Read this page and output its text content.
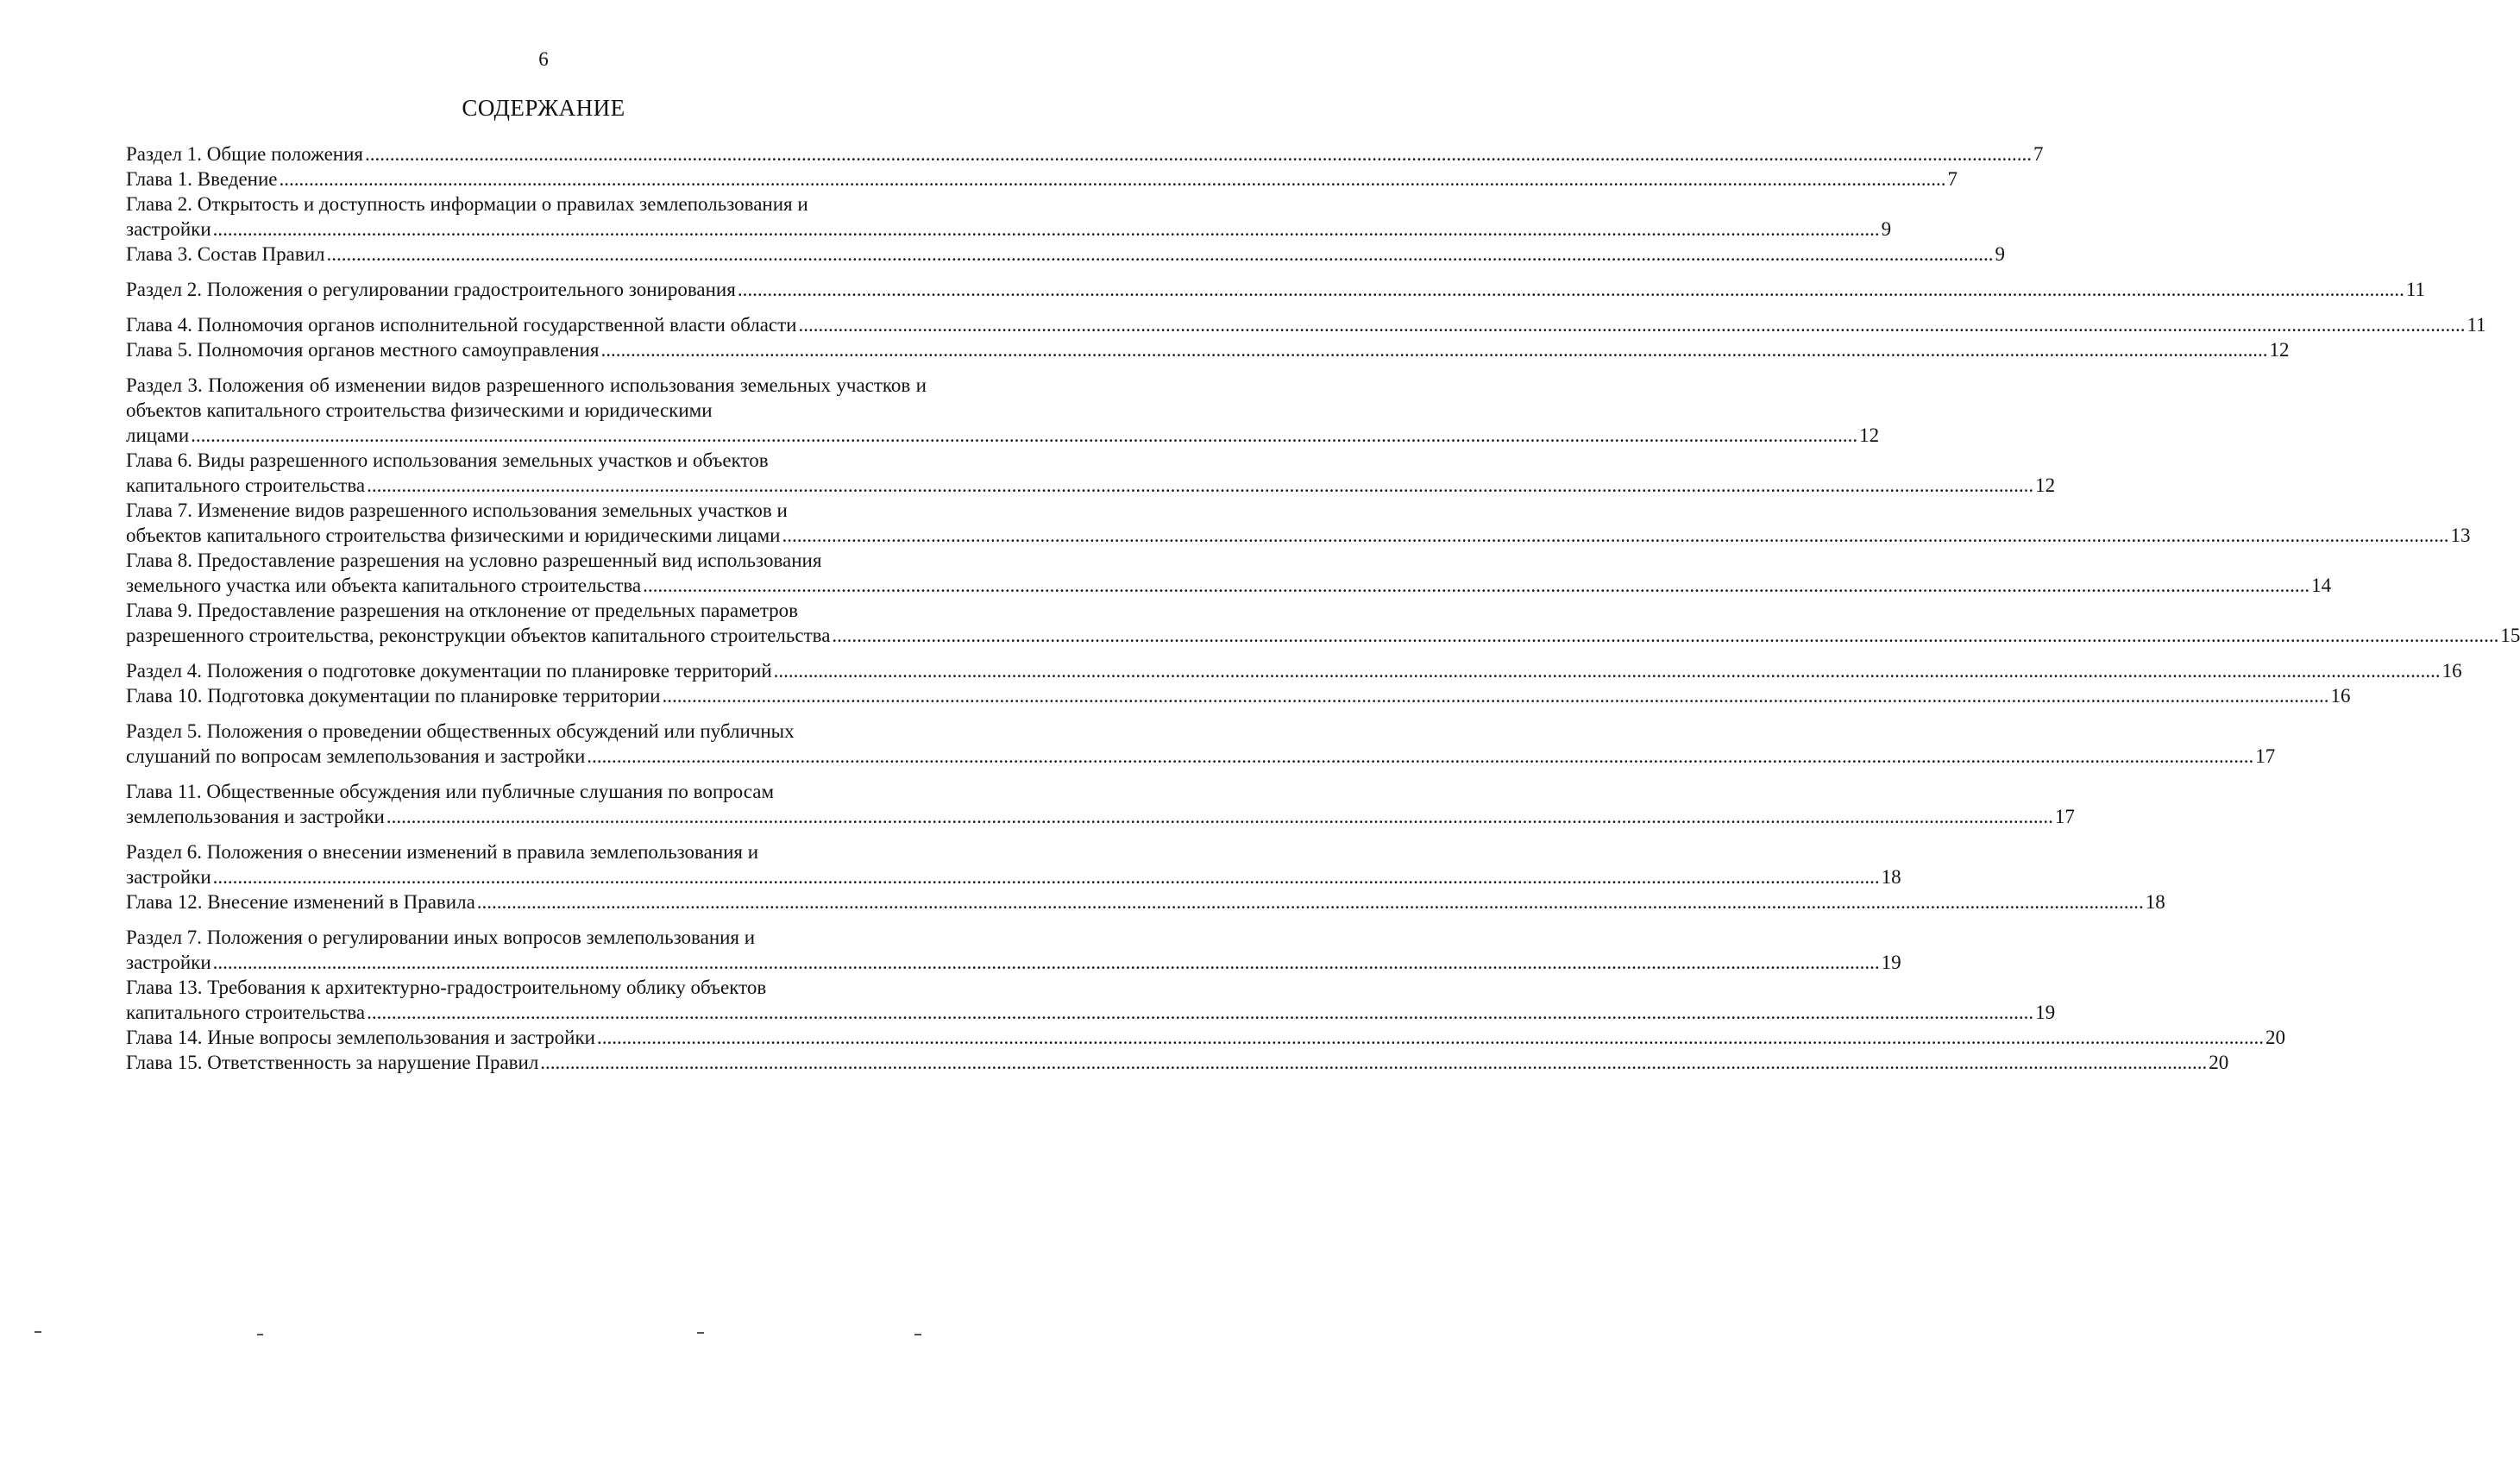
6
СОДЕРЖАНИЕ
Раздел 1. Общие положения .....	7
Глава 1. Введение .....	7
Глава 2. Открытость и доступность информации о правилах землепользования и
застройки .....	9
Глава 3. Состав Правил .....	9
Раздел 2. Положения о регулировании градостроительного зонирования .....	11
Глава 4. Полномочия органов исполнительной государственной власти области .....	11
Глава 5. Полномочия органов местного самоуправления .....	12
Раздел 3. Положения об изменении видов разрешенного использования земельных участков и объектов капитального строительства физическими и юридическими
лицами .....	12
Глава 6. Виды разрешенного использования земельных участков и объектов
капитального строительства .....	12
Глава 7. Изменение видов разрешенного использования земельных участков и
объектов капитального строительства физическими и юридическими лицами .....	13
Глава 8. Предоставление разрешения на условно разрешенный вид использования
земельного участка или объекта капитального строительства .....	14
Глава 9. Предоставление разрешения на отклонение от предельных параметров
разрешенного строительства, реконструкции объектов капитального строительства .....	15
Раздел 4. Положения о подготовке документации по планировке территорий .....	16
Глава 10. Подготовка документации по планировке территории .....	16
Раздел 5. Положения о проведении общественных обсуждений или публичных
слушаний по вопросам землепользования и застройки .....	17
Глава 11. Общественные обсуждения или публичные слушания по вопросам
землепользования и застройки .....	17
Раздел 6. Положения о внесении изменений в правила землепользования и
застройки .....	18
Глава 12. Внесение изменений в Правила .....	18
Раздел 7. Положения о регулировании иных вопросов землепользования и
застройки .....	19
Глава 13. Требования к архитектурно-градостроительному облику объектов
капитального строительства .....	19
Глава 14. Иные вопросы землепользования и застройки .....	20
Глава 15. Ответственность за нарушение Правил .....	20
